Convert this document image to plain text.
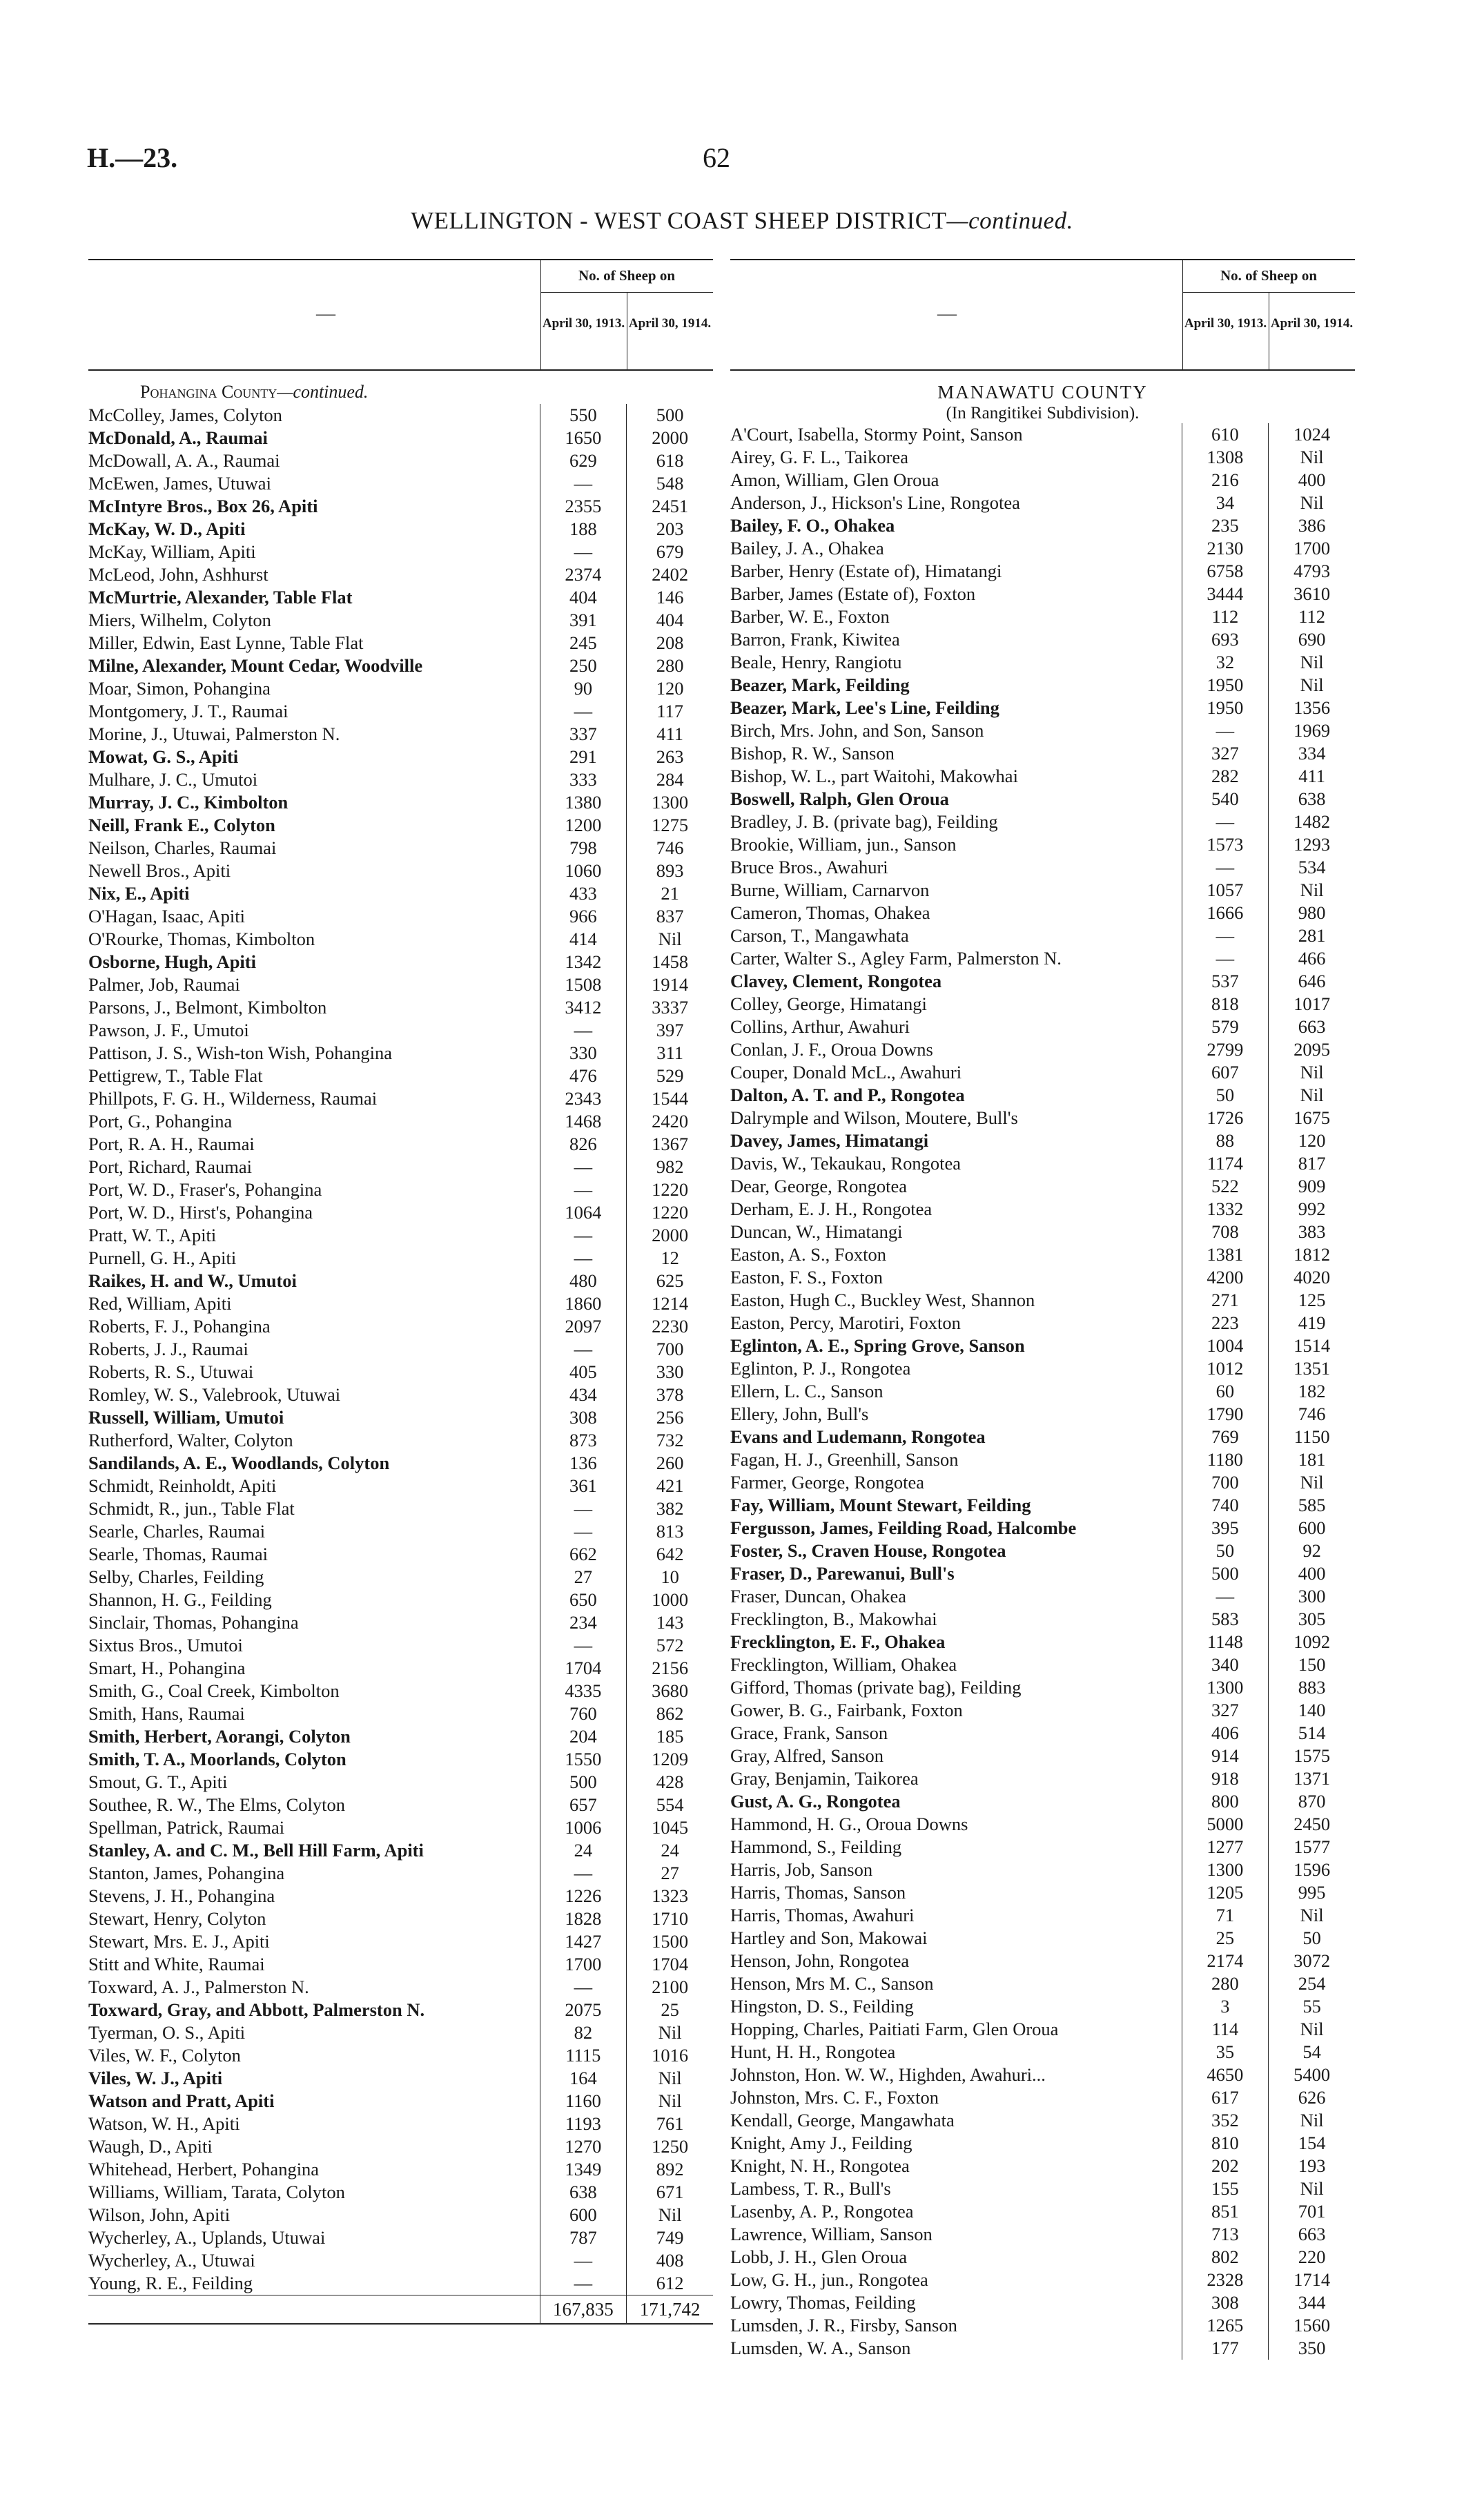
H.—23.	62
WELLINGTON - WEST COAST SHEEP DISTRICT—continued.
—
No. of Sheep on
April 30, 1913. April 30, 1914.
Pohangina County—continued.
McColley, James, Colyton	550	500
McDonald, A., Raumai	1650	2000
McDowall, A. A., Raumai	629	618
McEwen, James, Utuwai	—	548
McIntyre Bros., Box 26, Apiti	2355	2451
McKay, W. D., Apiti	188	203
McKay, William, Apiti	—	679
McLeod, John, Ashhurst	2374	2402
McMurtrie, Alexander, Table Flat	404	146
Miers, Wilhelm, Colyton	391	404
Miller, Edwin, East Lynne, Table Flat	245	208
Milne, Alexander, Mount Cedar, Woodville	250	280
Moar, Simon, Pohangina	90	120
Montgomery, J. T., Raumai	—	117
Morine, J., Utuwai, Palmerston N.	337	411
Mowat, G. S., Apiti	291	263
Mulhare, J. C., Umutoi	333	284
Murray, J. C., Kimbolton	1380	1300
Neill, Frank E., Colyton	1200	1275
Neilson, Charles, Raumai	798	746
Newell Bros., Apiti	1060	893
Nix, E., Apiti	433	21
O'Hagan, Isaac, Apiti	966	837
O'Rourke, Thomas, Kimbolton	414	Nil
Osborne, Hugh, Apiti	1342	1458
Palmer, Job, Raumai	1508	1914
Parsons, J., Belmont, Kimbolton	3412	3337
Pawson, J. F., Umutoi	—	397
Pattison, J. S., Wish-ton Wish, Pohangina	330	311
Pettigrew, T., Table Flat	476	529
Phillpots, F. G. H., Wilderness, Raumai	2343	1544
Port, G., Pohangina	1468	2420
Port, R. A. H., Raumai	826	1367
Port, Richard, Raumai	—	982
Port, W. D., Fraser's, Pohangina	—	1220
Port, W. D., Hirst's, Pohangina	1064	1220
Pratt, W. T., Apiti	—	2000
Purnell, G. H., Apiti	—	12
Raikes, H. and W., Umutoi	480	625
Red, William, Apiti	1860	1214
Roberts, F. J., Pohangina	2097	2230
Roberts, J. J., Raumai	—	700
Roberts, R. S., Utuwai	405	330
Romley, W. S., Valebrook, Utuwai	434	378
Russell, William, Umutoi	308	256
Rutherford, Walter, Colyton	873	732
Sandilands, A. E., Woodlands, Colyton	136	260
Schmidt, Reinholdt, Apiti	361	421
Schmidt, R., jun., Table Flat	—	382
Searle, Charles, Raumai	—	813
Searle, Thomas, Raumai	662	642
Selby, Charles, Feilding	27	10
Shannon, H. G., Feilding	650	1000
Sinclair, Thomas, Pohangina	234	143
Sixtus Bros., Umutoi	—	572
Smart, H., Pohangina	1704	2156
Smith, G., Coal Creek, Kimbolton	4335	3680
Smith, Hans, Raumai	760	862
Smith, Herbert, Aorangi, Colyton	204	185
Smith, T. A., Moorlands, Colyton	1550	1209
Smout, G. T., Apiti	500	428
Southee, R. W., The Elms, Colyton	657	554
Spellman, Patrick, Raumai	1006	1045
Stanley, A. and C. M., Bell Hill Farm, Apiti	24	24
Stanton, James, Pohangina	—	27
Stevens, J. H., Pohangina	1226	1323
Stewart, Henry, Colyton	1828	1710
Stewart, Mrs. E. J., Apiti	1427	1500
Stitt and White, Raumai	1700	1704
Toxward, A. J., Palmerston N.	—	2100
Toxward, Gray, and Abbott, Palmerston N.	2075	25
Tyerman, O. S., Apiti	82	Nil
Viles, W. F., Colyton	1115	1016
Viles, W. J., Apiti	164	Nil
Watson and Pratt, Apiti	1160	Nil
Watson, W. H., Apiti	1193	761
Waugh, D., Apiti	1270	1250
Whitehead, Herbert, Pohangina	1349	892
Williams, William, Tarata, Colyton	638	671
Wilson, John, Apiti	600	Nil
Wycherley, A., Uplands, Utuwai	787	749
Wycherley, A., Utuwai	—	408
Young, R. E., Feilding	—	612
167,835	171,742
—
No. of Sheep on
April 30, 1913. April 30, 1914.
MANAWATU COUNTY
(In Rangitikei Subdivision).
A'Court, Isabella, Stormy Point, Sanson	610	1024
Airey, G. F. L., Taikorea	1308	Nil
Amon, William, Glen Oroua	216	400
Anderson, J., Hickson's Line, Rongotea	34	Nil
Bailey, F. O., Ohakea	235	386
Bailey, J. A., Ohakea	2130	1700
Barber, Henry (Estate of), Himatangi	6758	4793
Barber, James (Estate of), Foxton	3444	3610
Barber, W. E., Foxton	112	112
Barron, Frank, Kiwitea	693	690
Beale, Henry, Rangiotu	32	Nil
Beazer, Mark, Feilding	1950	Nil
Beazer, Mark, Lee's Line, Feilding	1950	1356
Birch, Mrs. John, and Son, Sanson	—	1969
Bishop, R. W., Sanson	327	334
Bishop, W. L., part Waitohi, Makowhai	282	411
Boswell, Ralph, Glen Oroua	540	638
Bradley, J. B. (private bag), Feilding	—	1482
Brookie, William, jun., Sanson	1573	1293
Bruce Bros., Awahuri	—	534
Burne, William, Carnarvon	1057	Nil
Cameron, Thomas, Ohakea	1666	980
Carson, T., Mangawhata	—	281
Carter, Walter S., Agley Farm, Palmerston N.	—	466
Clavey, Clement, Rongotea	537	646
Colley, George, Himatangi	818	1017
Collins, Arthur, Awahuri	579	663
Conlan, J. F., Oroua Downs	2799	2095
Couper, Donald McL., Awahuri	607	Nil
Dalton, A. T. and P., Rongotea	50	Nil
Dalrymple and Wilson, Moutere, Bull's	1726	1675
Davey, James, Himatangi	88	120
Davis, W., Tekaukau, Rongotea	1174	817
Dear, George, Rongotea	522	909
Derham, E. J. H., Rongotea	1332	992
Duncan, W., Himatangi	708	383
Easton, A. S., Foxton	1381	1812
Easton, F. S., Foxton	4200	4020
Easton, Hugh C., Buckley West, Shannon	271	125
Easton, Percy, Marotiri, Foxton	223	419
Eglinton, A. E., Spring Grove, Sanson	1004	1514
Eglinton, P. J., Rongotea	1012	1351
Ellern, L. C., Sanson	60	182
Ellery, John, Bull's	1790	746
Evans and Ludemann, Rongotea	769	1150
Fagan, H. J., Greenhill, Sanson	1180	181
Farmer, George, Rongotea	700	Nil
Fay, William, Mount Stewart, Feilding	740	585
Fergusson, James, Feilding Road, Halcombe	395	600
Foster, S., Craven House, Rongotea	50	92
Fraser, D., Parewanui, Bull's	500	400
Fraser, Duncan, Ohakea	—	300
Frecklington, B., Makowhai	583	305
Frecklington, E. F., Ohakea	1148	1092
Frecklington, William, Ohakea	340	150
Gifford, Thomas (private bag), Feilding	1300	883
Gower, B. G., Fairbank, Foxton	327	140
Grace, Frank, Sanson	406	514
Gray, Alfred, Sanson	914	1575
Gray, Benjamin, Taikorea	918	1371
Gust, A. G., Rongotea	800	870
Hammond, H. G., Oroua Downs	5000	2450
Hammond, S., Feilding	1277	1577
Harris, Job, Sanson	1300	1596
Harris, Thomas, Sanson	1205	995
Harris, Thomas, Awahuri	71	Nil
Hartley and Son, Makowai	25	50
Henson, John, Rongotea	2174	3072
Henson, Mrs M. C., Sanson	280	254
Hingston, D. S., Feilding	3	55
Hopping, Charles, Paitiati Farm, Glen Oroua	114	Nil
Hunt, H. H., Rongotea	35	54
Johnston, Hon. W. W., Highden, Awahuri...	4650	5400
Johnston, Mrs. C. F., Foxton	617	626
Kendall, George, Mangawhata	352	Nil
Knight, Amy J., Feilding	810	154
Knight, N. H., Rongotea	202	193
Lambess, T. R., Bull's	155	Nil
Lasenby, A. P., Rongotea	851	701
Lawrence, William, Sanson	713	663
Lobb, J. H., Glen Oroua	802	220
Low, G. H., jun., Rongotea	2328	1714
Lowry, Thomas, Feilding	308	344
Lumsden, J. R., Firsby, Sanson	1265	1560
Lumsden, W. A., Sanson	177	350
